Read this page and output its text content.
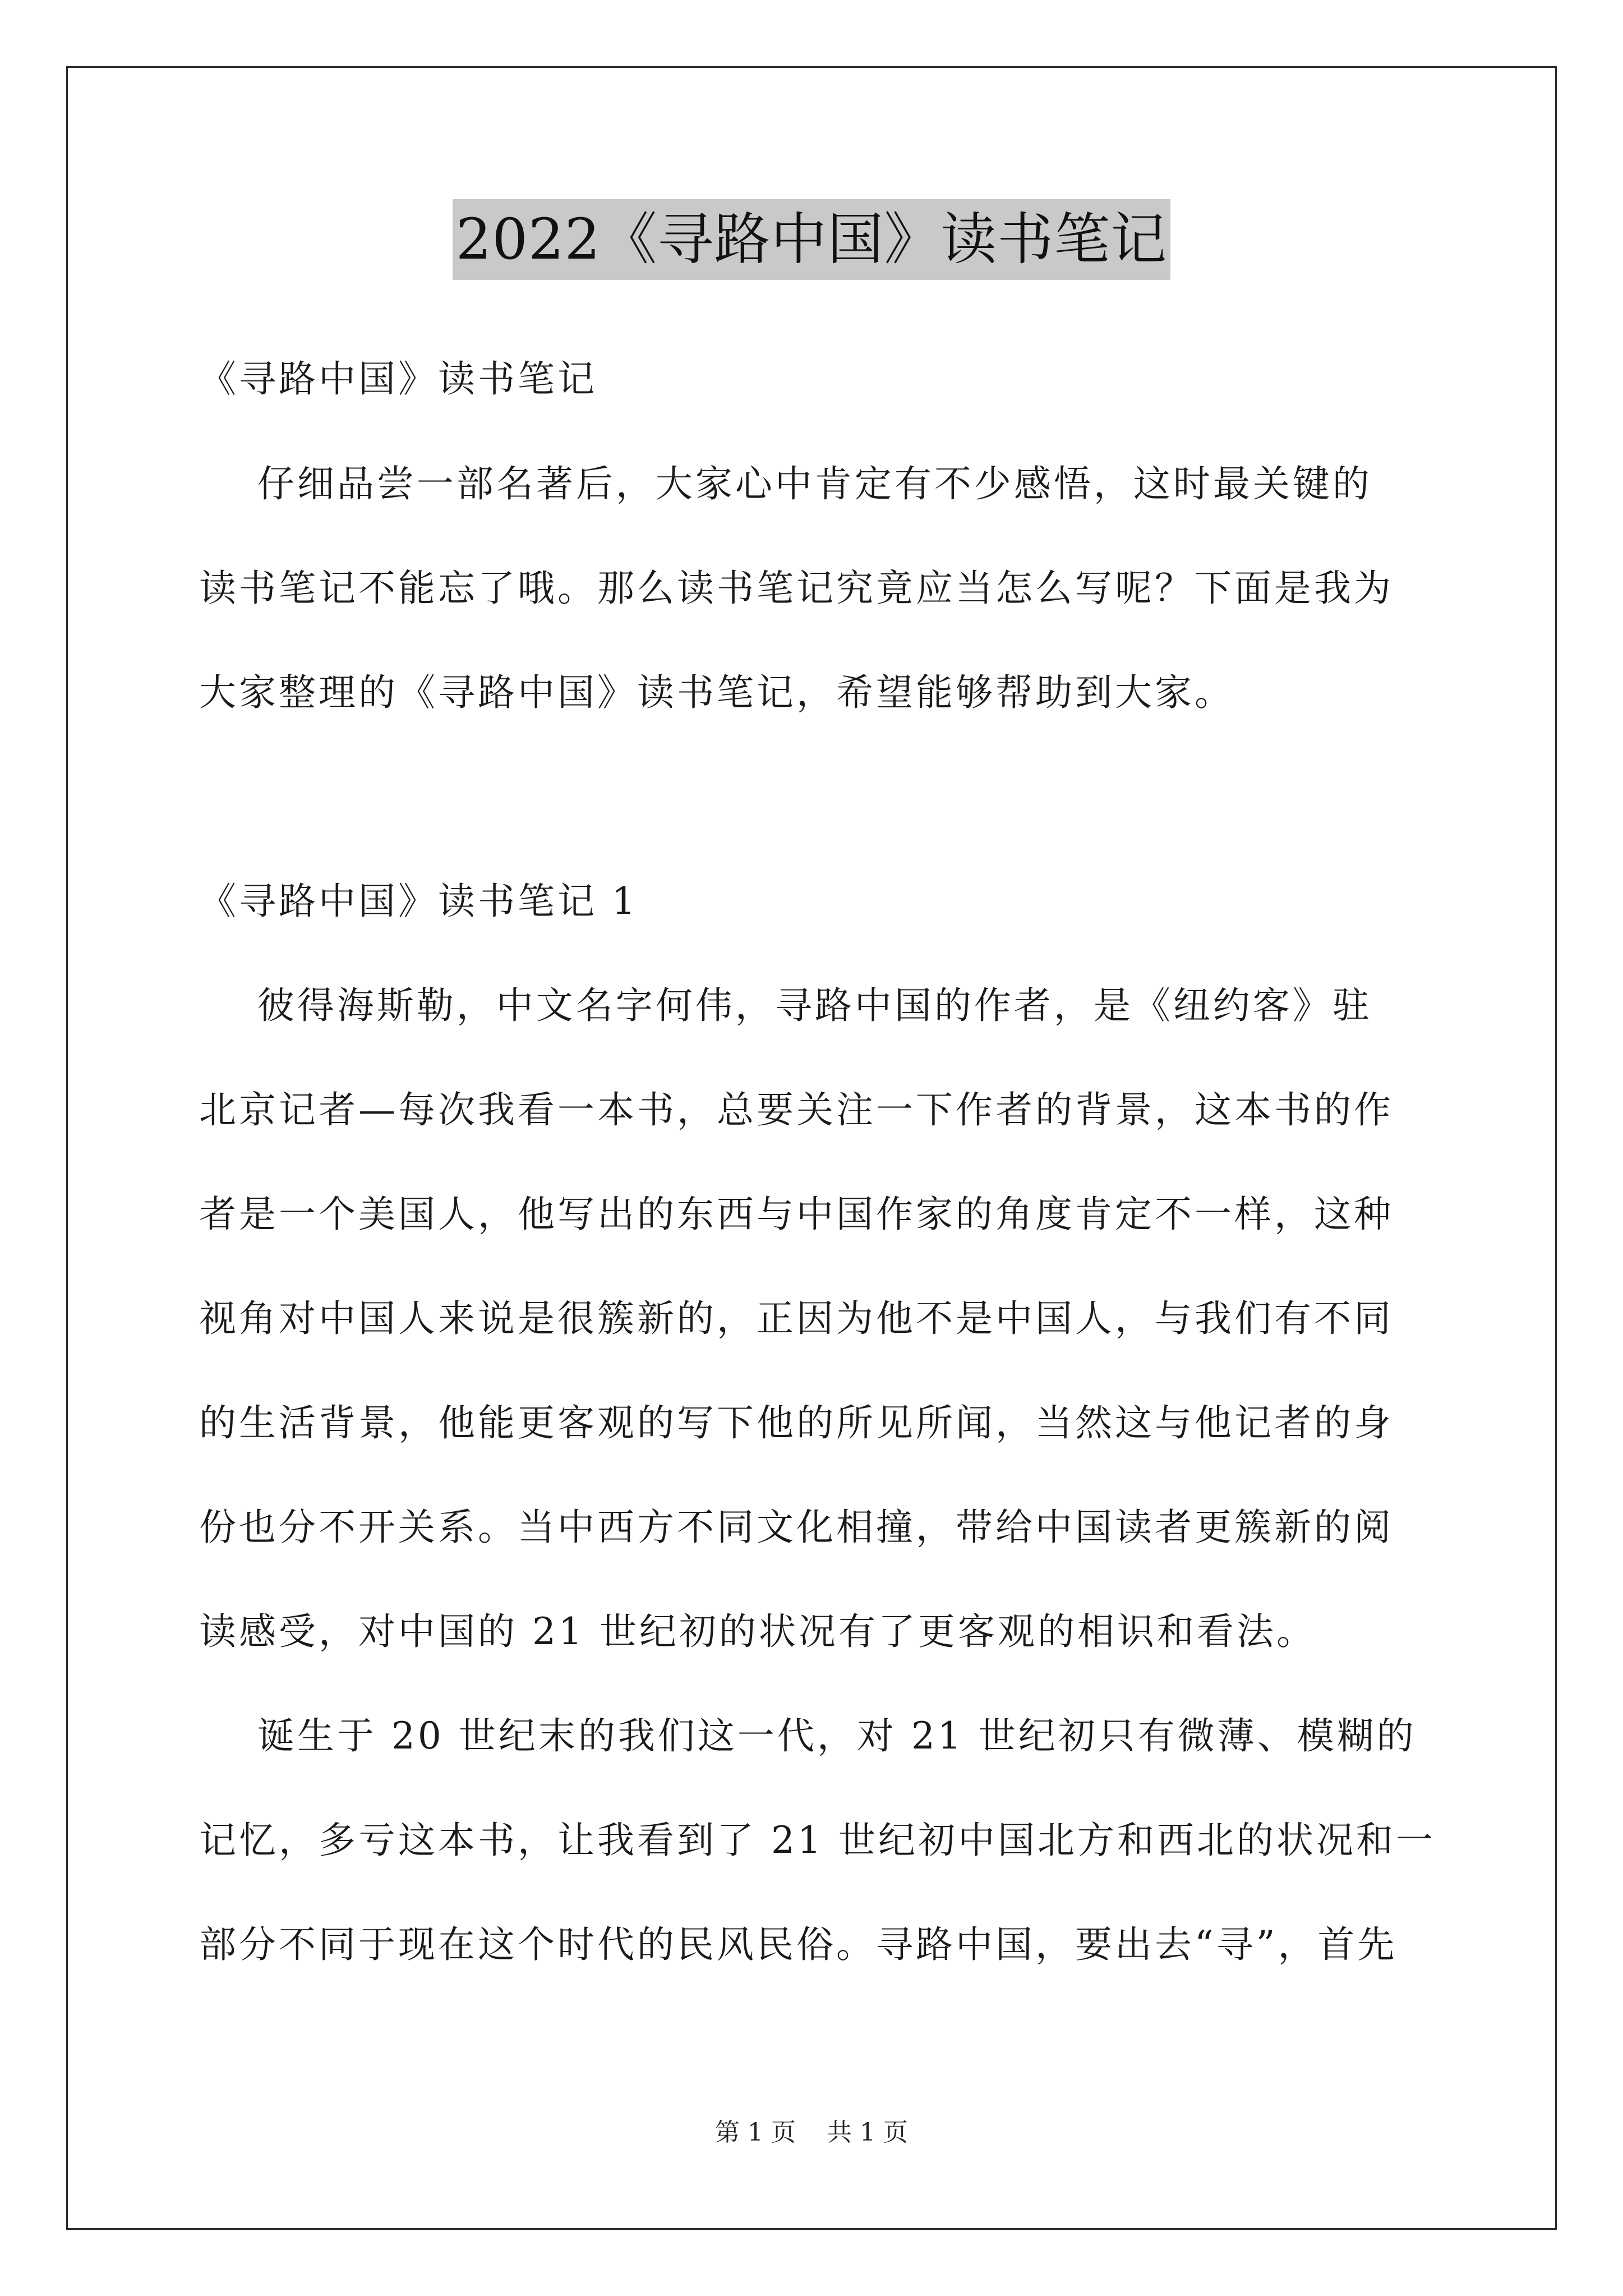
2022《寻路中国》读书笔记
《寻路中国》读书笔记
仔细品尝一部名著后，大家心中肯定有不少感悟，这时最关键的
读书笔记不能忘了哦。那么读书笔记究竟应当怎么写呢？下面是我为
大家整理的《寻路中国》读书笔记，希望能够帮助到大家。
《寻路中国》读书笔记 1
彼得海斯勒，中文名字何伟，寻路中国的作者，是《纽约客》驻
北京记者—每次我看一本书，总要关注一下作者的背景，这本书的作
者是一个美国人，他写出的东西与中国作家的角度肯定不一样，这种
视角对中国人来说是很簇新的，正因为他不是中国人，与我们有不同
的生活背景，他能更客观的写下他的所见所闻，当然这与他记者的身
份也分不开关系。当中西方不同文化相撞，带给中国读者更簇新的阅
读感受，对中国的 21 世纪初的状况有了更客观的相识和看法。
诞生于 20 世纪末的我们这一代，对 21 世纪初只有微薄、模糊的
记忆，多亏这本书，让我看到了 21 世纪初中国北方和西北的状况和一
部分不同于现在这个时代的民风民俗。寻路中国，要出去“寻”，首先
第 1 页    共 1 页
